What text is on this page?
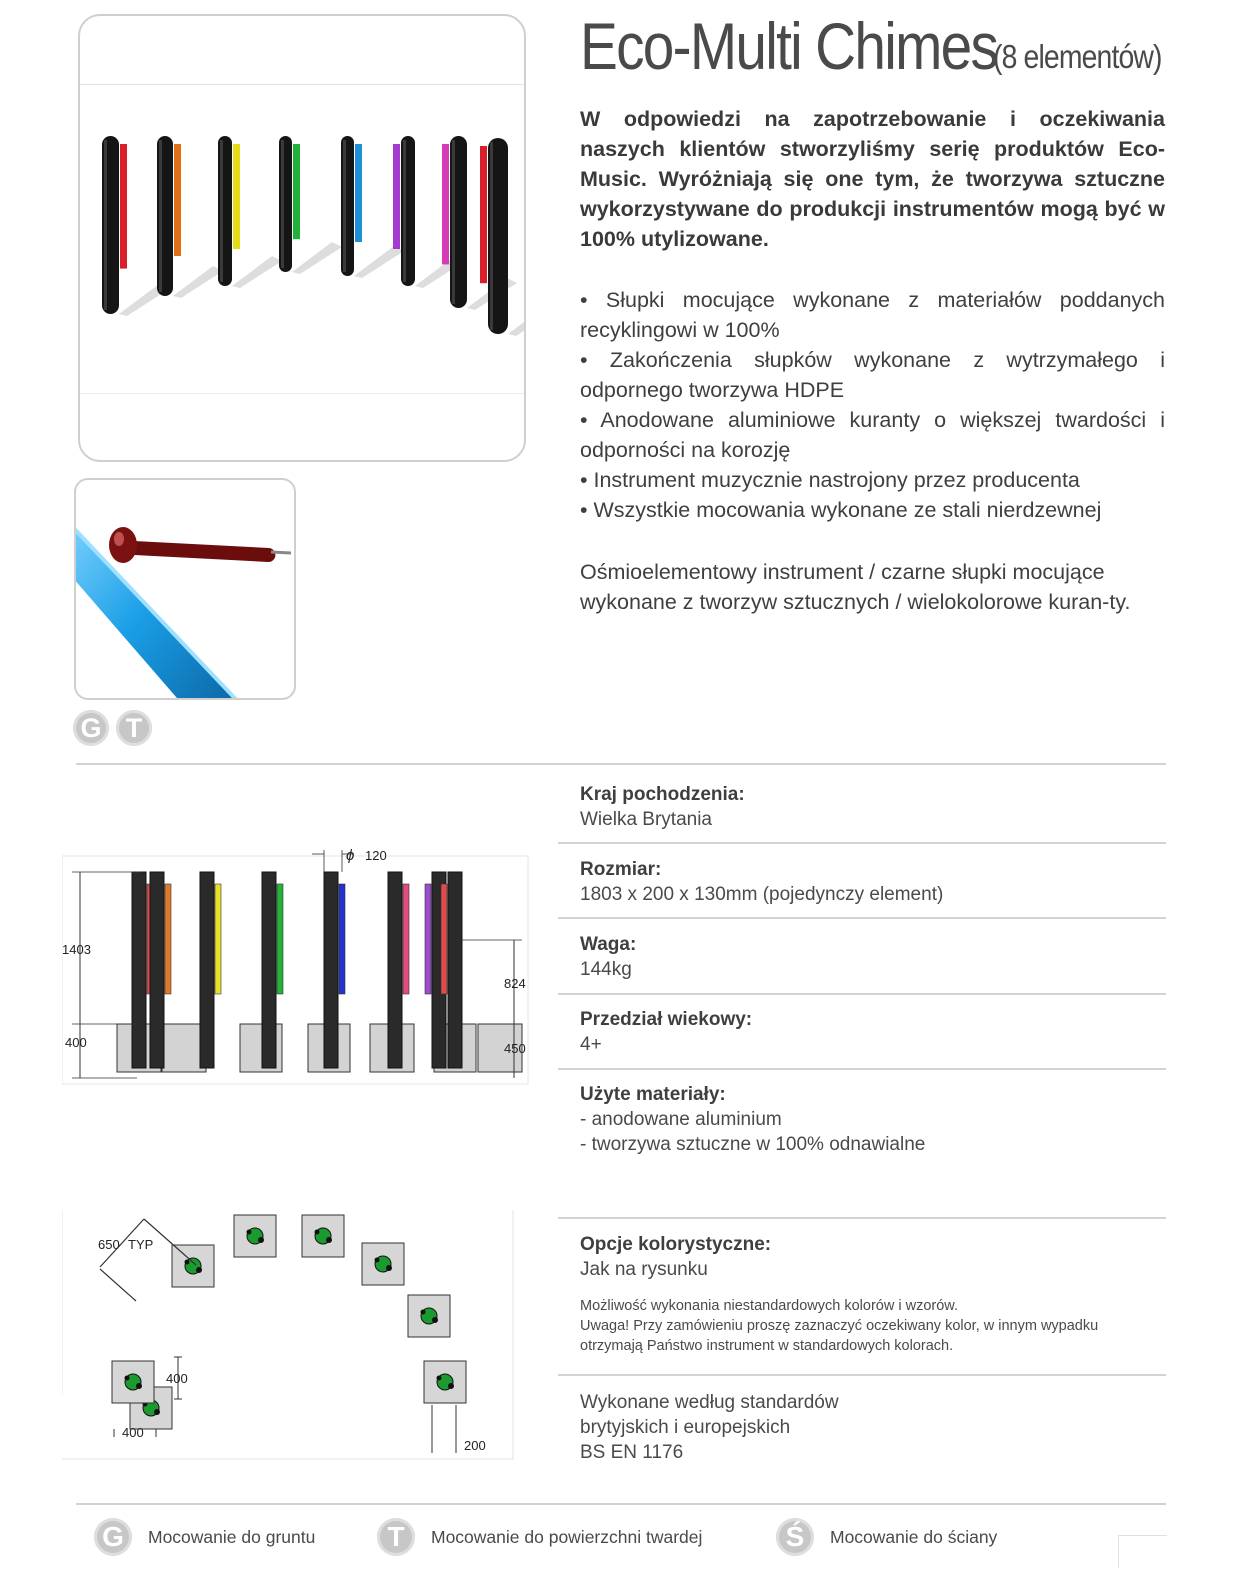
Eco-Multi Chimes
(8 elementów)
G T
W odpowiedzi na zapotrzebowanie i oczekiwania naszych klientów stworzyliśmy serię produktów Eco-Music. Wyróżniają się one tym, że tworzywa sztuczne wykorzystywane do produkcji instrumentów mogą być w 100% utylizowane.
• Słupki mocujące wykonane z materiałów poddanych recyklingowi w 100%
• Zakończenia słupków wykonane z wytrzymałego i odpornego tworzywa HDPE
• Anodowane aluminiowe kuranty o większej twardości i odporności na korozję
• Instrument muzycznie nastrojony przez producenta
• Wszystkie mocowania wykonane ze stali nierdzewnej
Ośmioelementowy instrument / czarne słupki mocujące wykonane z tworzyw sztucznych / wielokolorowe kuran-ty.
Kraj pochodzenia:
Wielka Brytania
Rozmiar:
1803 x 200 x 130mm (pojedynczy element)
Waga:
144kg
Przedział wiekowy:
4+
Użyte materiały:
- anodowane aluminium
- tworzywa sztuczne w 100% odnawialne
Opcje kolorystyczne:
Jak na rysunku
Możliwość wykonania niestandardowych kolorów i wzorów.
Uwaga! Przy zamówieniu proszę zaznaczyć oczekiwany kolor, w innym wypadku otrzymają Państwo instrument w standardowych kolorach.
Wykonane według standardów
brytyjskich i europejskich
BS EN 1176
1403
400
ϕ 120
824
450
650 TYP
400
400
200
G	Mocowanie do gruntu	T	Mocowanie do powierzchni twardej	Ś	Mocowanie do ściany
